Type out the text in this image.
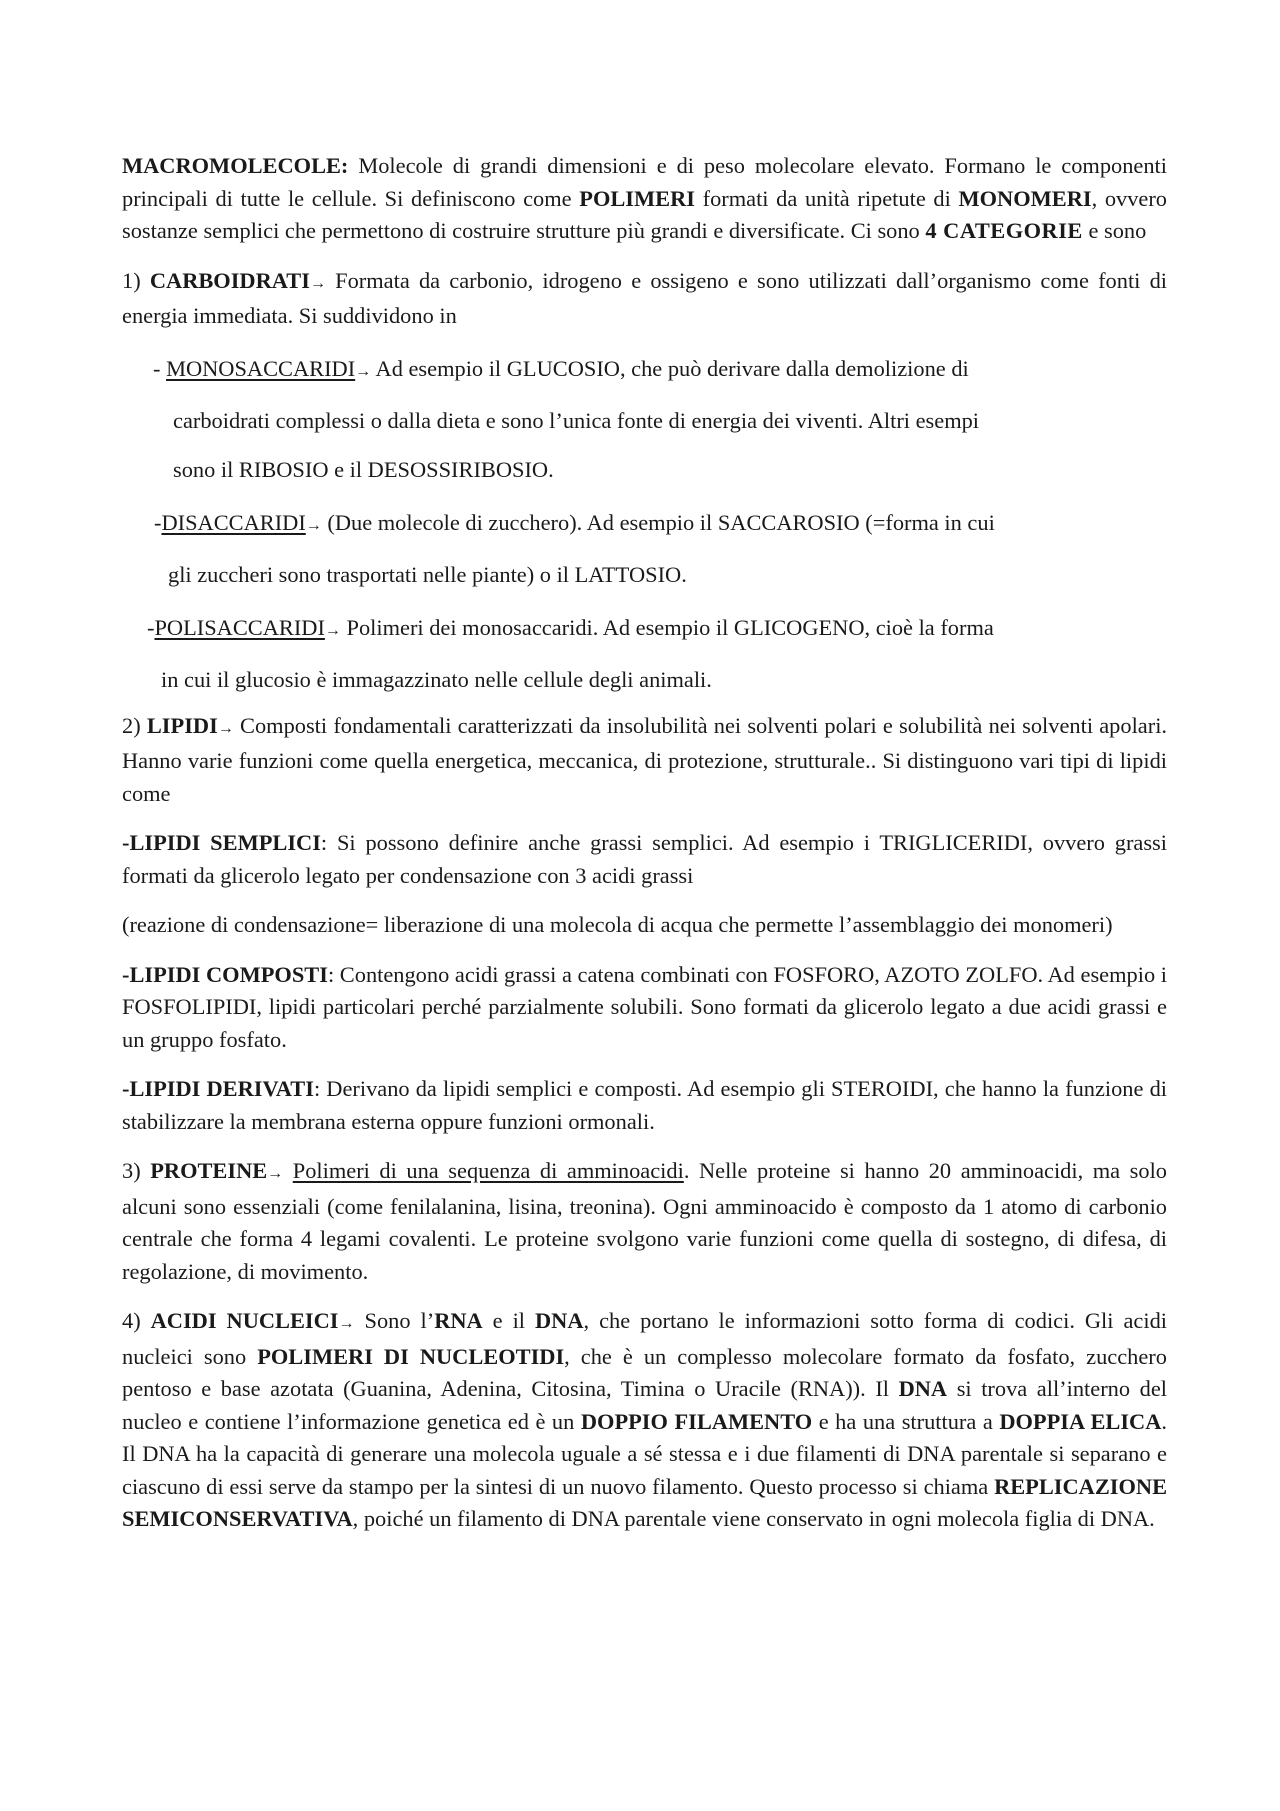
MACROMOLECOLE: Molecole di grandi dimensioni e di peso molecolare elevato. Formano le componenti principali di tutte le cellule. Si definiscono come POLIMERI formati da unità ripetute di MONOMERI, ovvero sostanze semplici che permettono di costruire strutture più grandi e diversificate. Ci sono 4 CATEGORIE e sono

1) CARBOIDRATI→ Formata da carbonio, idrogeno e ossigeno e sono utilizzati dall’organismo come fonti di energia immediata. Si suddividono in

- MONOSACCARIDI→ Ad esempio il GLUCOSIO, che può derivare dalla demolizione di
carboidrati complessi o dalla dieta e sono l’unica fonte di energia dei viventi. Altri esempi
sono il RIBOSIO e il DESOSSIRIBOSIO.
-DISACCARIDI→ (Due molecole di zucchero). Ad esempio il SACCAROSIO (=forma in cui
gli zuccheri sono trasportati nelle piante) o il LATTOSIO.
-POLISACCARIDI→ Polimeri dei monosaccaridi. Ad esempio il GLICOGENO, cioè la forma
in cui il glucosio è immagazzinato nelle cellule degli animali.

2) LIPIDI→ Composti fondamentali caratterizzati da insolubilità nei solventi polari e solubilità nei solventi apolari. Hanno varie funzioni come quella energetica, meccanica, di protezione, strutturale.. Si distinguono vari tipi di lipidi come

-LIPIDI SEMPLICI: Si possono definire anche grassi semplici. Ad esempio i TRIGLICERIDI, ovvero grassi formati da glicerolo legato per condensazione con 3 acidi grassi

(reazione di condensazione= liberazione di una molecola di acqua che permette l’assemblaggio dei monomeri)

-LIPIDI COMPOSTI: Contengono acidi grassi a catena combinati con FOSFORO, AZOTO ZOLFO. Ad esempio i FOSFOLIPIDI, lipidi particolari perché parzialmente solubili. Sono formati da glicerolo legato a due acidi grassi e un gruppo fosfato.

-LIPIDI DERIVATI: Derivano da lipidi semplici e composti. Ad esempio gli STEROIDI, che hanno la funzione di stabilizzare la membrana esterna oppure funzioni ormonali.

3) PROTEINE→ Polimeri di una sequenza di amminoacidi. Nelle proteine si hanno 20 amminoacidi, ma solo alcuni sono essenziali (come fenilalanina, lisina, treonina). Ogni amminoacido è composto da 1 atomo di carbonio centrale che forma 4 legami covalenti. Le proteine svolgono varie funzioni come quella di sostegno, di difesa, di regolazione, di movimento.

4) ACIDI NUCLEICI→ Sono l’RNA e il DNA, che portano le informazioni sotto forma di codici. Gli acidi nucleici sono POLIMERI DI NUCLEOTIDI, che è un complesso molecolare formato da fosfato, zucchero pentoso e base azotata (Guanina, Adenina, Citosina, Timina o Uracile (RNA)). Il DNA si trova all’interno del nucleo e contiene l’informazione genetica ed è un DOPPIO FILAMENTO e ha una struttura a DOPPIA ELICA. Il DNA ha la capacità di generare una molecola uguale a sé stessa e i due filamenti di DNA parentale si separano e ciascuno di essi serve da stampo per la sintesi di un nuovo filamento. Questo processo si chiama REPLICAZIONE SEMICONSERVATIVA, poiché un filamento di DNA parentale viene conservato in ogni molecola figlia di DNA.
